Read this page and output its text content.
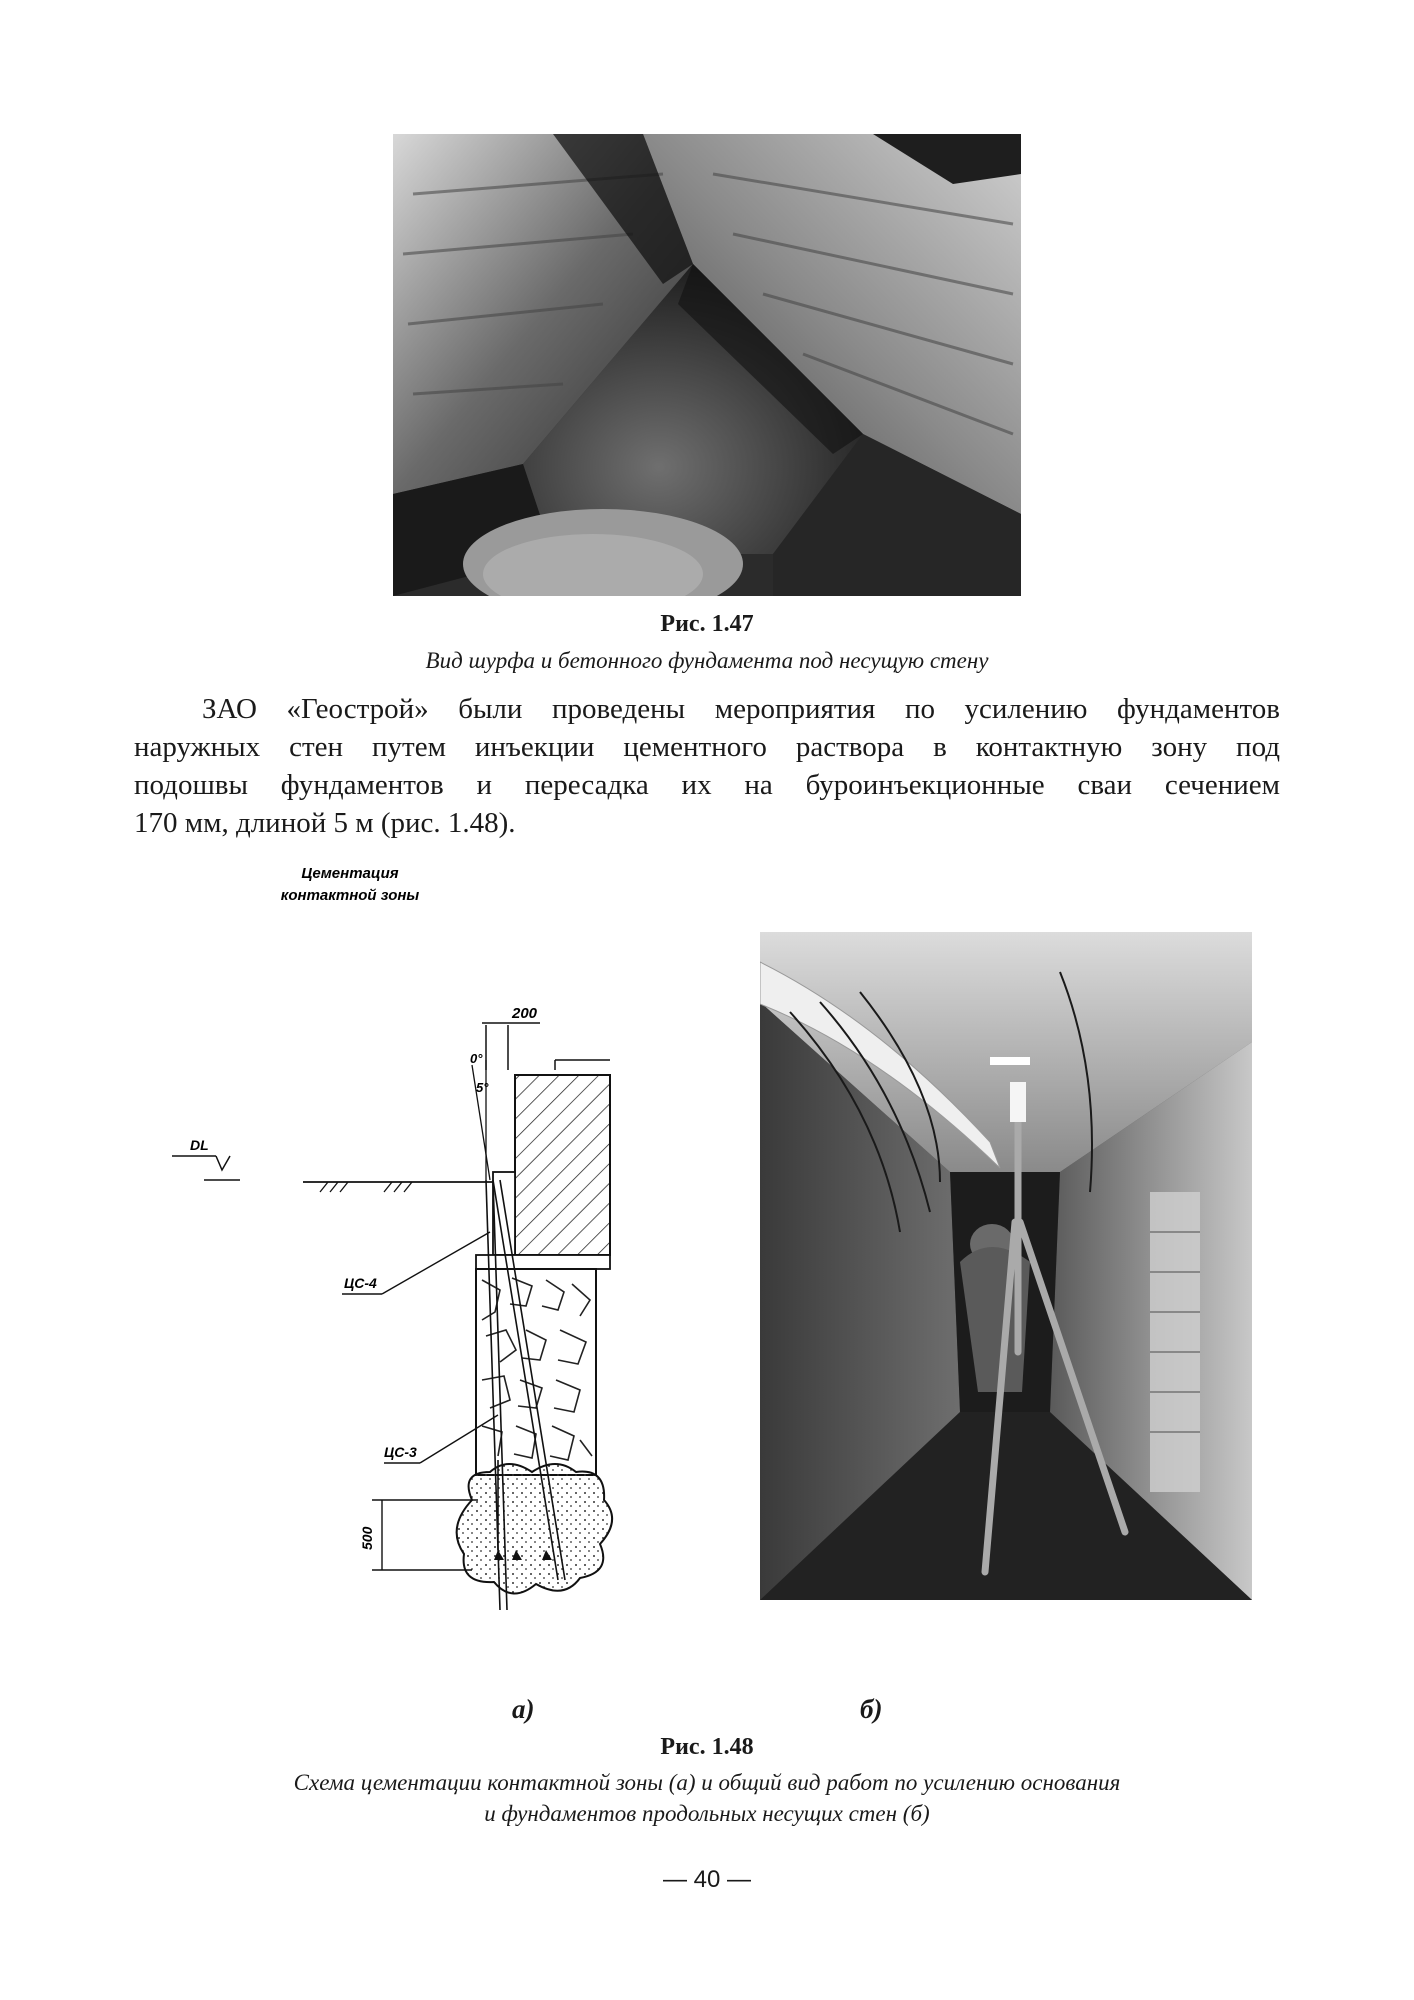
Рис. 1.47
Вид шурфа и бетонного фундамента под несущую стену
ЗАО «Геострой» были проведены мероприятия по усилению фундаментов
наружных стен путем инъекции цементного раствора в контактную зону под
подошвы фундаментов и пересадка их на буроинъекционные сваи сечением
170 мм, длиной 5 м (рис. 1.48).
Цементация
контактной зоны
200
0°
5°
DL
ЦС-4
ЦС-3
500
а)	б)
Рис. 1.48
Схема цементации контактной зоны (а) и общий вид работ по усилению основания
и фундаментов продольных несущих стен (б)
— 40 —
